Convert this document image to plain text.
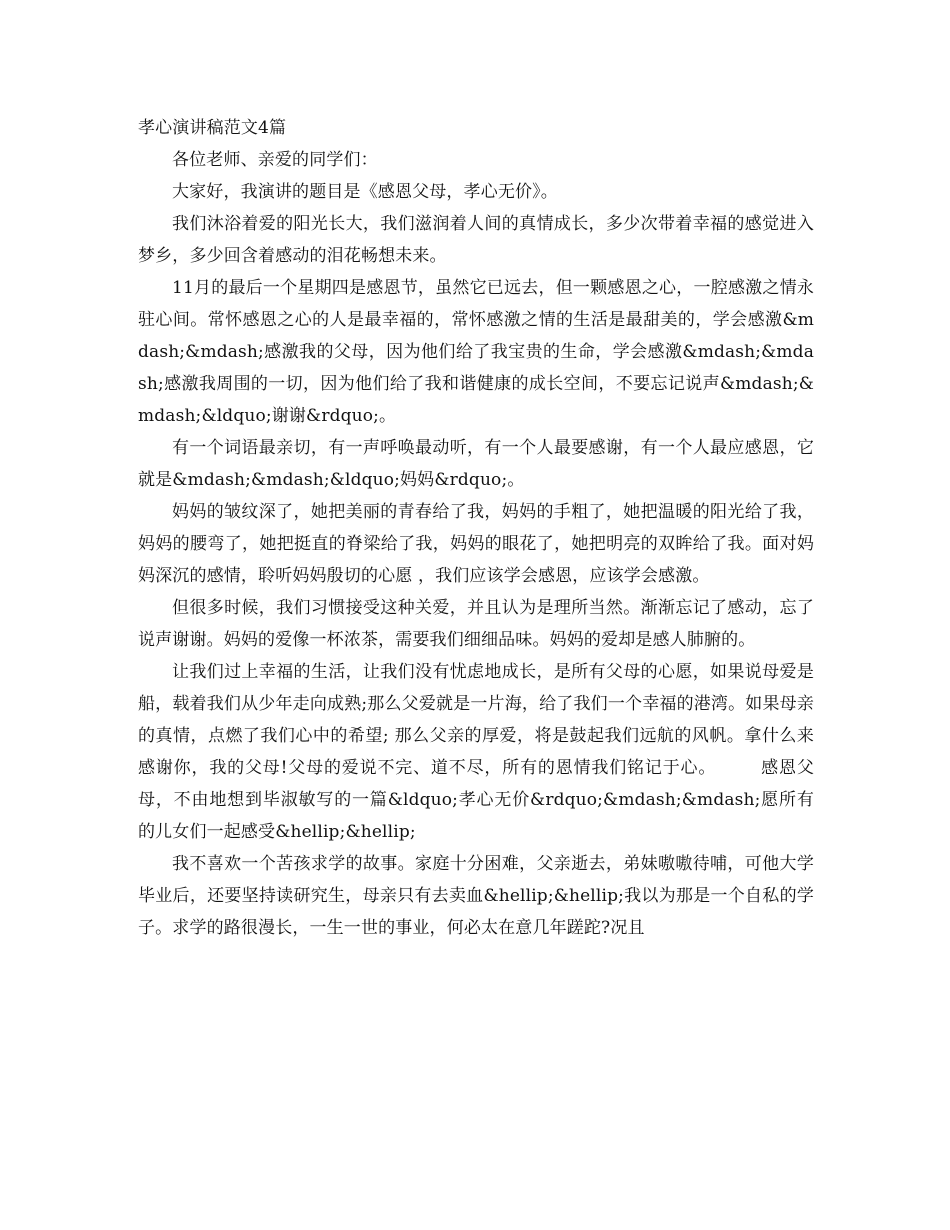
孝心演讲稿范文4篇

各位老师、亲爱的同学们：

大家好，我演讲的题目是《感恩父母，孝心无价》。

我们沐浴着爱的阳光长大，我们滋润着人间的真情成长，多少次带着幸福的感觉进入梦乡，多少回含着感动的泪花畅想未来。

11月的最后一个星期四是感恩节，虽然它已远去，但一颗感恩之心，一腔感激之情永驻心间。常怀感恩之心的人是最幸福的，常怀感激之情的生活是最甜美的，学会感激&mdash;&mdash;感激我的父母，因为他们给了我宝贵的生命，学会感激&mdash;&mdash;感激我周围的一切，因为他们给了我和谐健康的成长空间，不要忘记说声&mdash;&mdash;&ldquo;谢谢&rdquo;。

有一个词语最亲切，有一声呼唤最动听，有一个人最要感谢，有一个人最应感恩，它就是&mdash;&mdash;&ldquo;妈妈&rdquo;。

妈妈的皱纹深了，她把美丽的青春给了我，妈妈的手粗了，她把温暖的阳光给了我，妈妈的腰弯了，她把挺直的脊梁给了我，妈妈的眼花了，她把明亮的双眸给了我。面对妈妈深沉的感情，聆听妈妈殷切的心愿 ，我们应该学会感恩，应该学会感激。

但很多时候，我们习惯接受这种关爱，并且认为是理所当然。渐渐忘记了感动，忘了说声谢谢。妈妈的爱像一杯浓茶，需要我们细细品味。妈妈的爱却是感人肺腑的。

让我们过上幸福的生活，让我们没有忧虑地成长，是所有父母的心愿，如果说母爱是船，载着我们从少年走向成熟;那么父爱就是一片海，给了我们一个幸福的港湾。如果母亲的真情，点燃了我们心中的希望; 那么父亲的厚爱，将是鼓起我们远航的风帆。拿什么来感谢你，我的父母!父母的爱说不完、道不尽，所有的恩情我们铭记于心。　　　感恩父母，不由地想到毕淑敏写的一篇&ldquo;孝心无价&rdquo;&mdash;&mdash;愿所有的儿女们一起感受&hellip;&hellip;

我不喜欢一个苦孩求学的故事。家庭十分困难，父亲逝去，弟妹嗷嗷待哺，可他大学毕业后，还要坚持读研究生，母亲只有去卖血&hellip;&hellip;我以为那是一个自私的学子。求学的路很漫长，一生一世的事业，何必太在意几年蹉跎?况且
